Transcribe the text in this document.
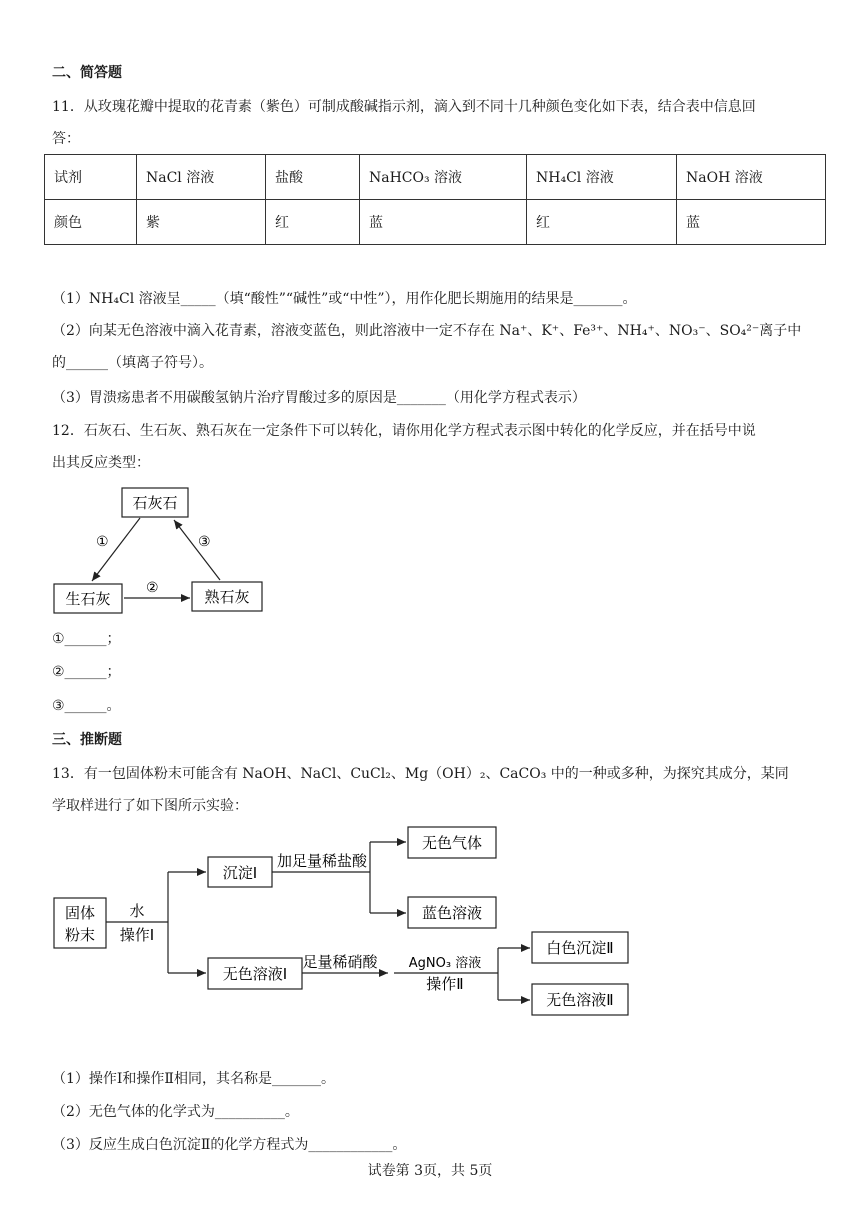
二、简答题
11．从玫瑰花瓣中提取的花青素（紫色）可制成酸碱指示剂，滴入到不同十几种颜色变化如下表，结合表中信息回
答：
试剂	NaCl 溶液	盐酸	NaHCO₃ 溶液	NH₄Cl 溶液	NaOH 溶液
颜色	紫	红	蓝	红	蓝
（1）NH₄Cl 溶液呈_____（填“酸性”“碱性”或“中性”），用作化肥长期施用的结果是_______。
（2）向某无色溶液中滴入花青素，溶液变蓝色，则此溶液中一定不存在 Na⁺、K⁺、Fe³⁺、NH₄⁺、NO₃⁻、SO₄²⁻离子中
的______（填离子符号）。
（3）胃溃疡患者不用碳酸氢钠片治疗胃酸过多的原因是_______（用化学方程式表示）
12．石灰石、生石灰、熟石灰在一定条件下可以转化，请你用化学方程式表示图中转化的化学反应，并在括号中说
出其反应类型：
石灰石
生石灰	熟石灰
①
②
③
①______；
②______；
③______。
三、推断题
13．有一包固体粉末可能含有 NaOH、NaCl、CuCl₂、Mg（OH）₂、CaCO₃ 中的一种或多种，为探究其成分，某同
学取样进行了如下图所示实验：
固体
粉末
水
操作Ⅰ
沉淀Ⅰ
加足量稀盐酸
无色气体
蓝色溶液
无色溶液Ⅰ
足量稀硝酸 AgNO₃ 溶液
操作Ⅱ
白色沉淀Ⅱ
无色溶液Ⅱ
（1）操作Ⅰ和操作Ⅱ相同，其名称是_______。
（2）无色气体的化学式为__________。
（3）反应生成白色沉淀Ⅱ的化学方程式为____________。
试卷第 3页，共 5页
